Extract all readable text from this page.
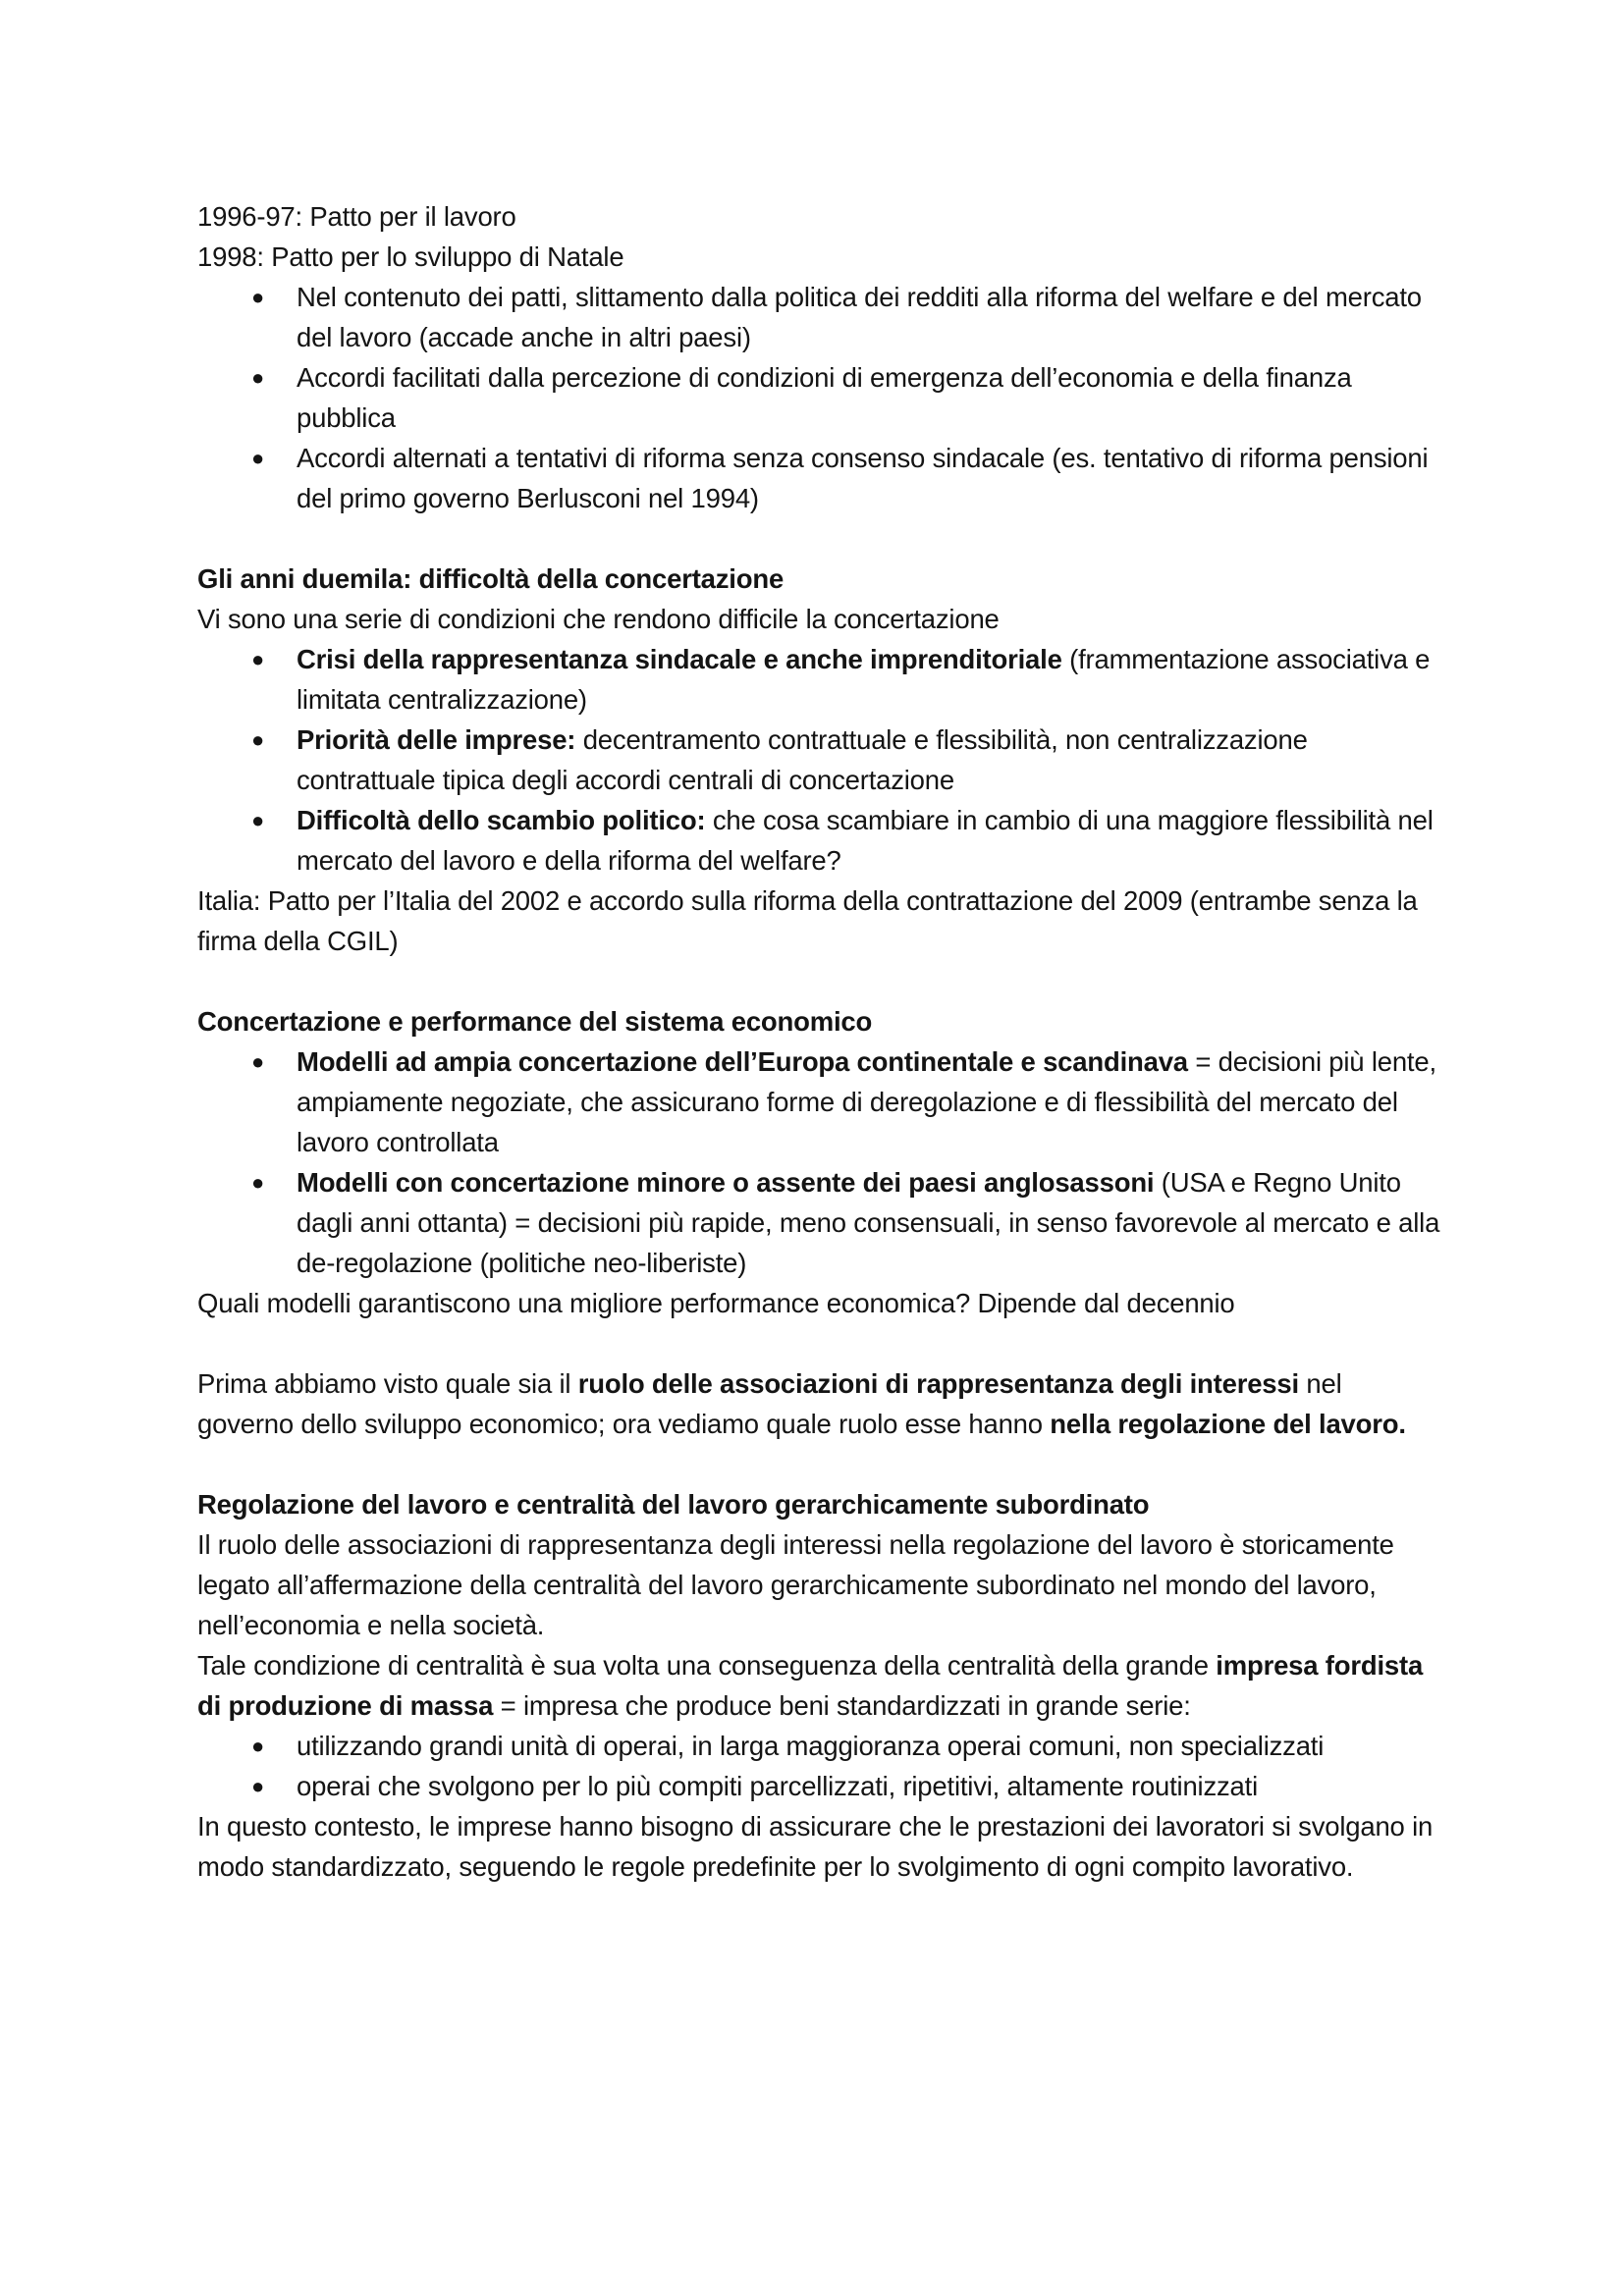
1996-97: Patto per il lavoro

1998: Patto per lo sviluppo di Natale

● Nel contenuto dei patti, slittamento dalla politica dei redditi alla riforma del welfare e del mercato del lavoro (accade anche in altri paesi)
● Accordi facilitati dalla percezione di condizioni di emergenza dell’economia e della finanza pubblica
● Accordi alternati a tentativi di riforma senza consenso sindacale (es. tentativo di riforma pensioni del primo governo Berlusconi nel 1994)

Gli anni duemila: difficoltà della concertazione

Vi sono una serie di condizioni che rendono difficile la concertazione

● Crisi della rappresentanza sindacale e anche imprenditoriale (frammentazione associativa e limitata centralizzazione)
● Priorità delle imprese: decentramento contrattuale e flessibilità, non centralizzazione contrattuale tipica degli accordi centrali di concertazione
● Difficoltà dello scambio politico: che cosa scambiare in cambio di una maggiore flessibilità nel mercato del lavoro e della riforma del welfare?

Italia: Patto per l’Italia del 2002 e accordo sulla riforma della contrattazione del 2009 (entrambe senza la firma della CGIL)

Concertazione e performance del sistema economico

● Modelli ad ampia concertazione dell’Europa continentale e scandinava = decisioni più lente, ampiamente negoziate, che assicurano forme di deregolazione e di flessibilità del mercato del lavoro controllata
● Modelli con concertazione minore o assente dei paesi anglosassoni (USA e Regno Unito dagli anni ottanta) = decisioni più rapide, meno consensuali, in senso favorevole al mercato e alla de-regolazione (politiche neo-liberiste)

Quali modelli garantiscono una migliore performance economica? Dipende dal decennio

Prima abbiamo visto quale sia il ruolo delle associazioni di rappresentanza degli interessi nel governo dello sviluppo economico; ora vediamo quale ruolo esse hanno nella regolazione del lavoro.

Regolazione del lavoro e centralità del lavoro gerarchicamente subordinato

Il ruolo delle associazioni di rappresentanza degli interessi nella regolazione del lavoro è storicamente legato all’affermazione della centralità del lavoro gerarchicamente subordinato nel mondo del lavoro, nell’economia e nella società.

Tale condizione di centralità è sua volta una conseguenza della centralità della grande impresa fordista di produzione di massa = impresa che produce beni standardizzati in grande serie:

● utilizzando grandi unità di operai, in larga maggioranza operai comuni, non specializzati
● operai che svolgono per lo più compiti parcellizzati, ripetitivi, altamente routinizzati

In questo contesto, le imprese hanno bisogno di assicurare che le prestazioni dei lavoratori si svolgano in modo standardizzato, seguendo le regole predefinite per lo svolgimento di ogni compito lavorativo.
